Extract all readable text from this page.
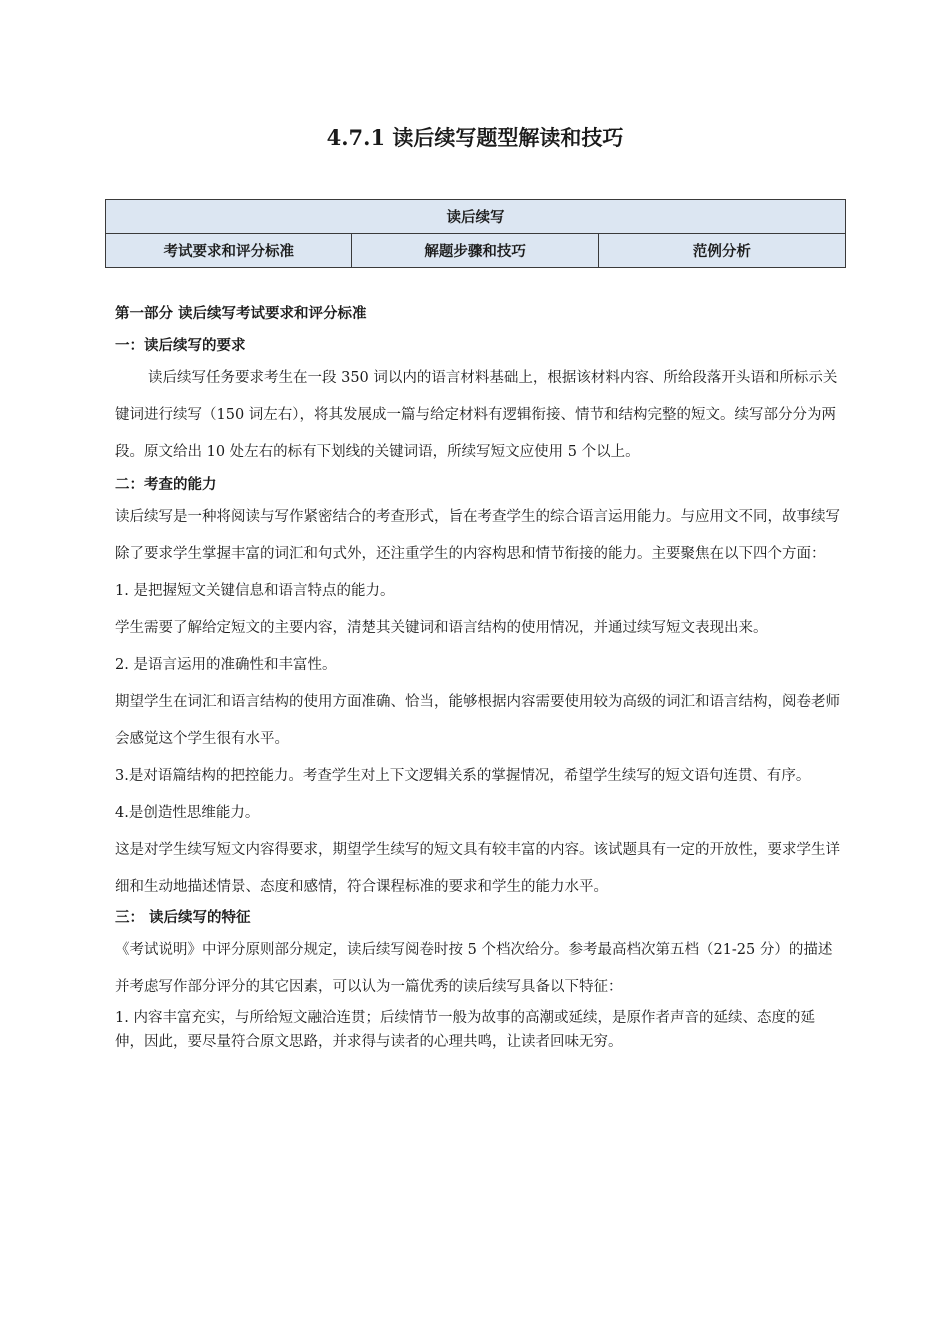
4.7.1 读后续写题型解读和技巧
读后续写
考试要求和评分标准	解题步骤和技巧	范例分析
第一部分 读后续写考试要求和评分标准
一：读后续写的要求

读后续写任务要求考生在一段 350 词以内的语言材料基础上，根据该材料内容、所给段落开头语和所标示关键词进行续写（150 词左右），将其发展成一篇与给定材料有逻辑衔接、情节和结构完整的短文。续写部分分为两段。原文给出 10 处左右的标有下划线的关键词语，所续写短文应使用 5 个以上。

二：考查的能力

读后续写是一种将阅读与写作紧密结合的考查形式，旨在考查学生的综合语言运用能力。与应用文不同，故事续写除了要求学生掌握丰富的词汇和句式外，还注重学生的内容构思和情节衔接的能力。主要聚焦在以下四个方面：

1. 是把握短文关键信息和语言特点的能力。

学生需要了解给定短文的主要内容，清楚其关键词和语言结构的使用情况，并通过续写短文表现出来。

2. 是语言运用的准确性和丰富性。

期望学生在词汇和语言结构的使用方面准确、恰当，能够根据内容需要使用较为高级的词汇和语言结构，阅卷老师会感觉这个学生很有水平。

3.是对语篇结构的把控能力。考查学生对上下文逻辑关系的掌握情况，希望学生续写的短文语句连贯、有序。

4.是创造性思维能力。

这是对学生续写短文内容得要求，期望学生续写的短文具有较丰富的内容。该试题具有一定的开放性，要求学生详细和生动地描述情景、态度和感情，符合课程标准的要求和学生的能力水平。

三： 读后续写的特征

《考试说明》中评分原则部分规定，读后续写阅卷时按 5 个档次给分。参考最高档次第五档（21-25 分）的描述并考虑写作部分评分的其它因素，可以认为一篇优秀的读后续写具备以下特征：

1. 内容丰富充实，与所给短文融洽连贯；后续情节一般为故事的高潮或延续，是原作者声音的延续、态度的延伸，因此，要尽量符合原文思路，并求得与读者的心理共鸣，让读者回味无穷。
